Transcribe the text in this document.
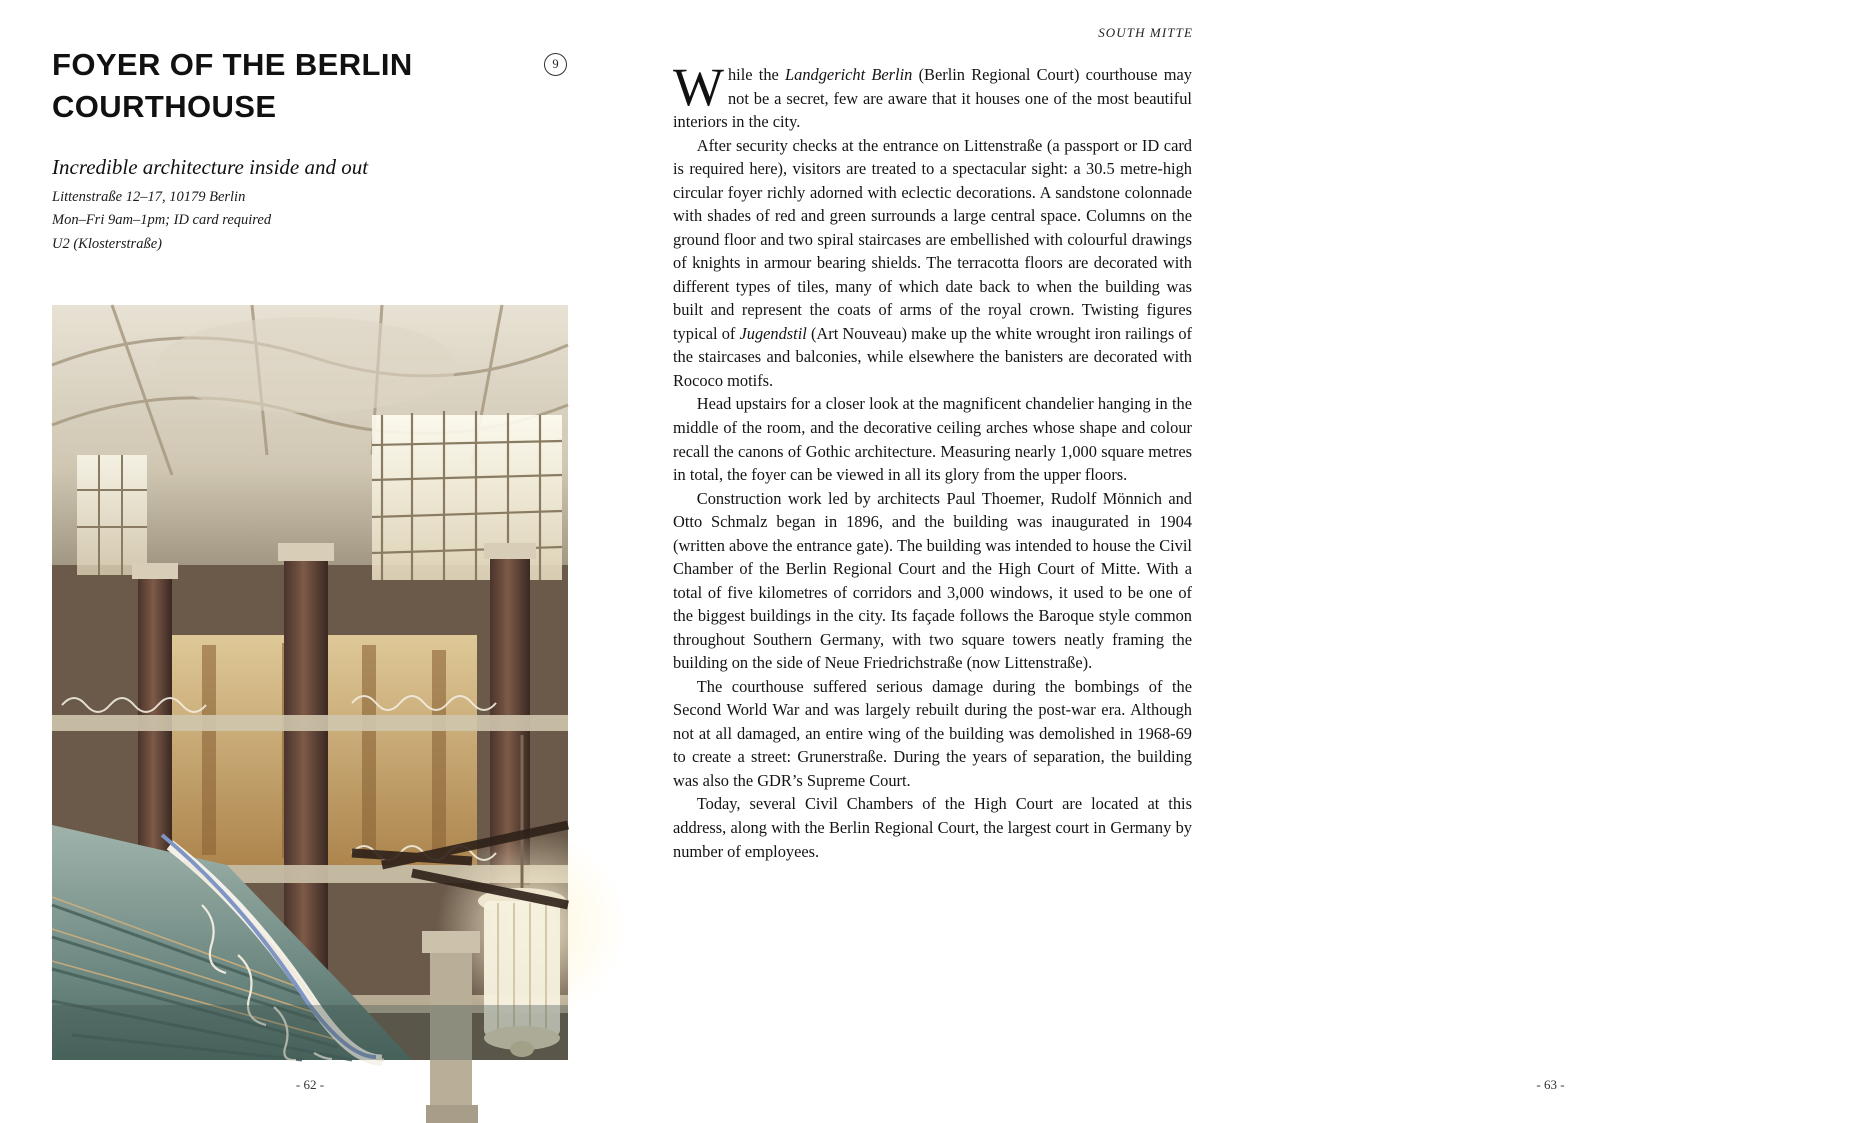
FOYER OF THE BERLIN COURTHOUSE
Incredible architecture inside and out
9
Littenstraße 12–17, 10179 Berlin
Mon–Fri 9am–1pm; ID card required
U2 (Klosterstraße)
- 62 -
SOUTH MITTE

While the Landgericht Berlin (Berlin Regional Court) courthouse may not be a secret, few are aware that it houses one of the most beautiful interiors in the city.

After security checks at the entrance on Littenstraße (a passport or ID card is required here), visitors are treated to a spectacular sight: a 30.5 metre-high circular foyer richly adorned with eclectic decorations. A sandstone colonnade with shades of red and green surrounds a large central space. Columns on the ground floor and two spiral staircases are embellished with colourful drawings of knights in armour bearing shields. The terracotta floors are decorated with different types of tiles, many of which date back to when the building was built and represent the coats of arms of the royal crown. Twisting figures typical of Jugendstil (Art Nouveau) make up the white wrought iron railings of the staircases and balconies, while elsewhere the banisters are decorated with Rococo motifs.

Head upstairs for a closer look at the magnificent chandelier hanging in the middle of the room, and the decorative ceiling arches whose shape and colour recall the canons of Gothic architecture. Measuring nearly 1,000 square metres in total, the foyer can be viewed in all its glory from the upper floors.

Construction work led by architects Paul Thoemer, Rudolf Mönnich and Otto Schmalz began in 1896, and the building was inaugurated in 1904 (written above the entrance gate). The building was intended to house the Civil Chamber of the Berlin Regional Court and the High Court of Mitte. With a total of five kilometres of corridors and 3,000 windows, it used to be one of the biggest buildings in the city. Its façade follows the Baroque style common throughout Southern Germany, with two square towers neatly framing the building on the side of Neue Friedrichstraße (now Littenstraße).

The courthouse suffered serious damage during the bombings of the Second World War and was largely rebuilt during the post-war era. Although not at all damaged, an entire wing of the building was demolished in 1968-69 to create a street: Grunerstraße. During the years of separation, the building was also the GDR’s Supreme Court.

Today, several Civil Chambers of the High Court are located at this address, along with the Berlin Regional Court, the largest court in Germany by number of employees.

- 63 -
